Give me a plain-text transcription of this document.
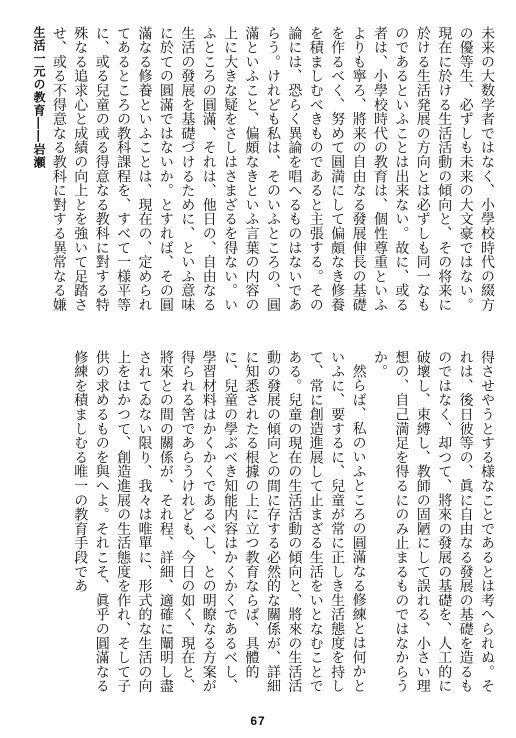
生活一元の教育――岩瀬	未来の大数学者ではなく、小學校時代の綴方の優等生、必ずしも未来の大文豪ではない。現在に於ける生活活動の傾向と、その将来に於ける生活発展の方向とは必ずしも同一なものであるといふことは出来ない。故に、或る者は、小學校時代の教育は、個性尊重といふよりも寧ろ、將来の自由なる發展伸長の基礎を作るべく、努めて圓満にして偏頗なき修養を積ましむべきものであると主張する。その論には、恐らく異論を唱へるものはないであらう。けれども私は、そのいふところの、圓滿といふこと、偏頗なきといふ言葉の内容の上に大きな疑をさしはさまざるを得ない。いふところの圓滿、それは、他日の、自由なる生活の發展を基礎づけるために、といふ意味に於ての圓滿ではないか。とすれば、その圓滿なる修養といふことは、現在の、定められてあるところの教科課程を、すべて一様平等に、或る兒童の或る得意なる教科に對する特殊なる追求心と成績の向上とを強いて足踏させ、或る不得意なる教科に對する異常なる嫌

得させやうとする様なことであるとは考へられぬ。それは、後日彼等の、眞に自由なる發展の基礎を造るものではなく、却つて、將來の發展の基礎を、人工的に破壞し、束縛し、教師の固陋にして誤れる、小さい理想の、自己満足を得るにのみ止まるものではなからうか。

然らば、私のいふところの圓滿なる修練とは何かといふに、要するに、兒童が常に正しき生活態度を持して、常に創造進展して止まざる生活をいとなむことである。兒童の現在の生活活動の傾向と、將來の生活活動の發展の傾向との間に存する必然的な關係が、詳細に知悉されたる根據の上に立つ教育ならば、具體的に、兒童の學ぶべき知能内容はかくかくであるべし、學習材料はかくかくであるべし、との明瞭なる方案が得られる筈であらうけれども、今日の如く、現在と、將來との間の關係が、それ程、詳細、適確に闡明し盡されてゐない限り、我々は唯單に、形式的な生活の向上をはかつて、創造進展の生活態度を作れ、そして子供の求めるものを與へよ。それこそ、眞乎の圓滿なる修練を積ましむる唯一の教育手段であ

67
